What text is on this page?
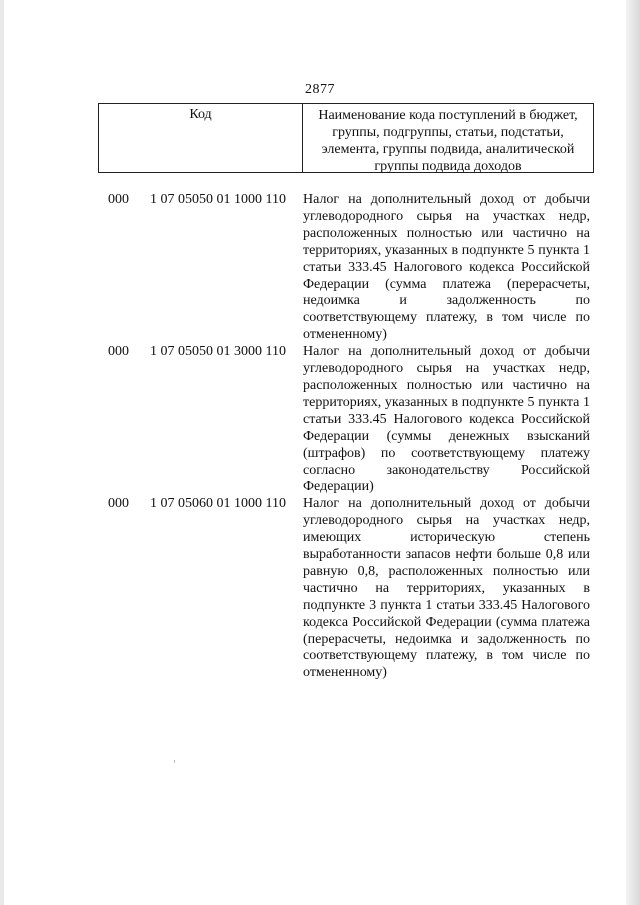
2877
Код	Наименование кода поступлений в бюджет, группы, подгруппы, статьи, подстатьи, элемента, группы подвида, аналитической группы подвида доходов
000	1 07 05050 01 1000 110	Налог на дополнительный доход от добычи углеводородного сырья на участках недр, расположенных полностью или частично на территориях, указанных в подпункте 5 пункта 1 статьи 333.45 Налогового кодекса Российской Федерации (сумма платежа (перерасчеты, недоимка и задолженность по соответствующему платежу, в том числе по отмененному)
000	1 07 05050 01 3000 110	Налог на дополнительный доход от добычи углеводородного сырья на участках недр, расположенных полностью или частично на территориях, указанных в подпункте 5 пункта 1 статьи 333.45 Налогового кодекса Российской Федерации (суммы денежных взысканий (штрафов) по соответствующему платежу согласно законодательству Российской Федерации)
000	1 07 05060 01 1000 110	Налог на дополнительный доход от добычи углеводородного сырья на участках недр, имеющих историческую степень выработанности запасов нефти больше 0,8 или равную 0,8, расположенных полностью или частично на территориях, указанных в подпункте 3 пункта 1 статьи 333.45 Налогового кодекса Российской Федерации (сумма платежа (перерасчеты, недоимка и задолженность по соответствующему платежу, в том числе по отмененному)
